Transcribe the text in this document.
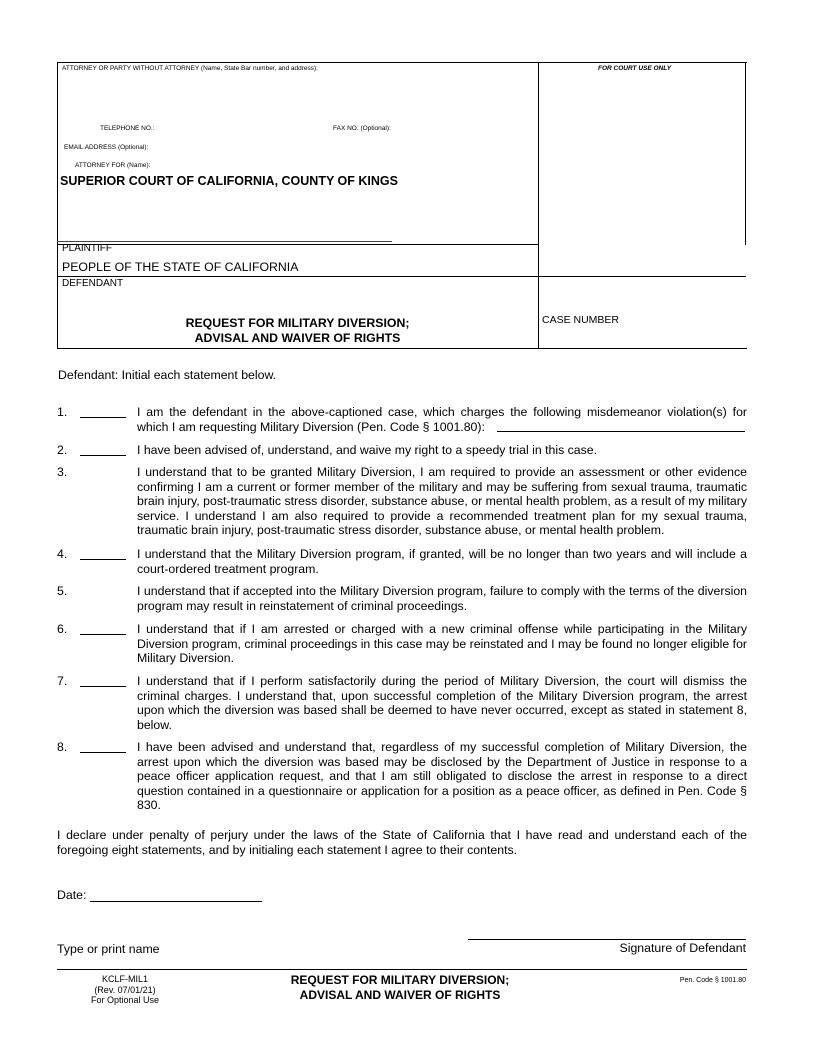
ATTORNEY OR PARTY WITHOUT ATTORNEY (Name, State Bar number, and address):	FOR COURT USE ONLY
TELEPHONE NO.:	FAX NO. (Optional):
EMAIL ADDRESS (Optional):
ATTORNEY FOR (Name):
SUPERIOR COURT OF CALIFORNIA, COUNTY OF KINGS
PLAINTIFF
PEOPLE OF THE STATE OF CALIFORNIA
DEFENDANT
REQUEST FOR MILITARY DIVERSION;
ADVISAL AND WAIVER OF RIGHTS
CASE NUMBER
Defendant: Initial each statement below.
1.	I am the defendant in the above-captioned case, which charges the following misdemeanor violation(s) for which I am requesting Military Diversion (Pen. Code § 1001.80):
2.	I have been advised of, understand, and waive my right to a speedy trial in this case.
3.	I understand that to be granted Military Diversion, I am required to provide an assessment or other evidence confirming I am a current or former member of the military and may be suffering from sexual trauma, traumatic brain injury, post-traumatic stress disorder, substance abuse, or mental health problem, as a result of my military service. I understand I am also required to provide a recommended treatment plan for my sexual trauma, traumatic brain injury, post-traumatic stress disorder, substance abuse, or mental health problem.
4.	I understand that the Military Diversion program, if granted, will be no longer than two years and will include a court-ordered treatment program.
5.	I understand that if accepted into the Military Diversion program, failure to comply with the terms of the diversion program may result in reinstatement of criminal proceedings.
6.	I understand that if I am arrested or charged with a new criminal offense while participating in the Military Diversion program, criminal proceedings in this case may be reinstated and I may be found no longer eligible for Military Diversion.
7.	I understand that if I perform satisfactorily during the period of Military Diversion, the court will dismiss the criminal charges. I understand that, upon successful completion of the Military Diversion program, the arrest upon which the diversion was based shall be deemed to have never occurred, except as stated in statement 8, below.
8.	I have been advised and understand that, regardless of my successful completion of Military Diversion, the arrest upon which the diversion was based may be disclosed by the Department of Justice in response to a peace officer application request, and that I am still obligated to disclose the arrest in response to a direct question contained in a questionnaire or application for a position as a peace officer, as defined in Pen. Code § 830.
I declare under penalty of perjury under the laws of the State of California that I have read and understand each of the foregoing eight statements, and by initialing each statement I agree to their contents.
Date:
Type or print name	Signature of Defendant
KCLF-MIL1
(Rev. 07/01/21)
For Optional Use
REQUEST FOR MILITARY DIVERSION;
ADVISAL AND WAIVER OF RIGHTS
Pen. Code § 1001.80
